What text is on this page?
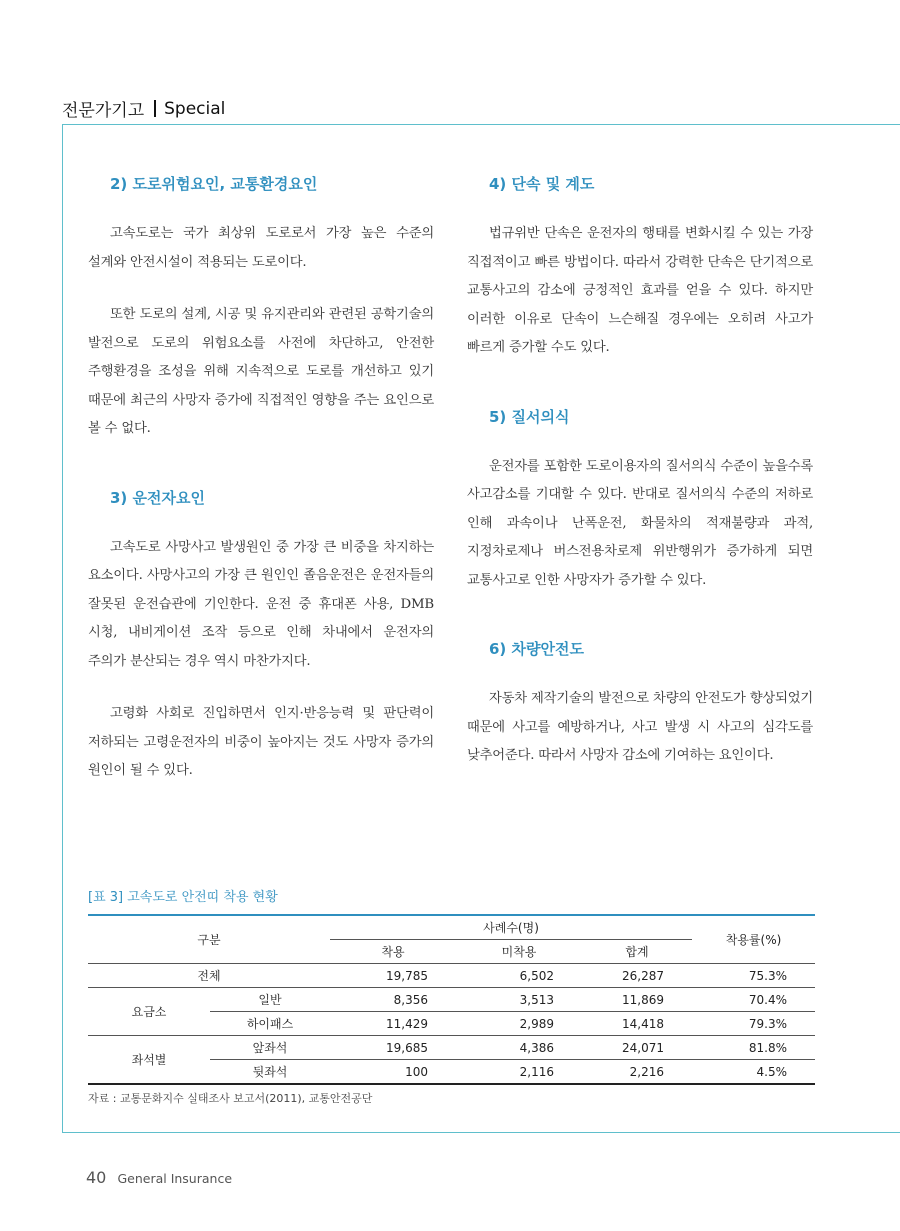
전문가기고 Special
2) 도로위험요인, 교통환경요인

고속도로는 국가 최상위 도로로서 가장 높은 수준의 설계와 안전시설이 적용되는 도로이다.

또한 도로의 설계, 시공 및 유지관리와 관련된 공학기술의 발전으로 도로의 위험요소를 사전에 차단하고, 안전한 주행환경을 조성을 위해 지속적으로 도로를 개선하고 있기 때문에 최근의 사망자 증가에 직접적인 영향을 주는 요인으로 볼 수 없다.

3) 운전자요인

고속도로 사망사고 발생원인 중 가장 큰 비중을 차지하는 요소이다. 사망사고의 가장 큰 원인인 졸음운전은 운전자들의 잘못된 운전습관에 기인한다. 운전 중 휴대폰 사용, DMB 시청, 내비게이션 조작 등으로 인해 차내에서 운전자의 주의가 분산되는 경우 역시 마찬가지다.

고령화 사회로 진입하면서 인지·반응능력 및 판단력이 저하되는 고령운전자의 비중이 높아지는 것도 사망자 증가의 원인이 될 수 있다.

4) 단속 및 계도

법규위반 단속은 운전자의 행태를 변화시킬 수 있는 가장 직접적이고 빠른 방법이다. 따라서 강력한 단속은 단기적으로 교통사고의 감소에 긍정적인 효과를 얻을 수 있다. 하지만 이러한 이유로 단속이 느슨해질 경우에는 오히려 사고가 빠르게 증가할 수도 있다.

5) 질서의식

운전자를 포함한 도로이용자의 질서의식 수준이 높을수록 사고감소를 기대할 수 있다. 반대로 질서의식 수준의 저하로 인해 과속이나 난폭운전, 화물차의 적재불량과 과적, 지정차로제나 버스전용차로제 위반행위가 증가하게 되면 교통사고로 인한 사망자가 증가할 수 있다.

6) 차량안전도

자동차 제작기술의 발전으로 차량의 안전도가 향상되었기 때문에 사고를 예방하거나, 사고 발생 시 사고의 심각도를 낮추어준다. 따라서 사망자 감소에 기여하는 요인이다.

[표 3] 고속도로 안전띠 착용 현황
구분		사례수(명)			착용률(%)
		착용	미착용	합계	
전체		19,785	6,502	26,287	75.3%
요금소	일반	8,356	3,513	11,869	70.4%
	하이패스	11,429	2,989	14,418	79.3%
좌석별	앞좌석	19,685	4,386	24,071	81.8%
	뒷좌석	100	2,116	2,216	4.5%
자료 : 교통문화지수 실태조사 보고서(2011), 교통안전공단
40 General Insurance
